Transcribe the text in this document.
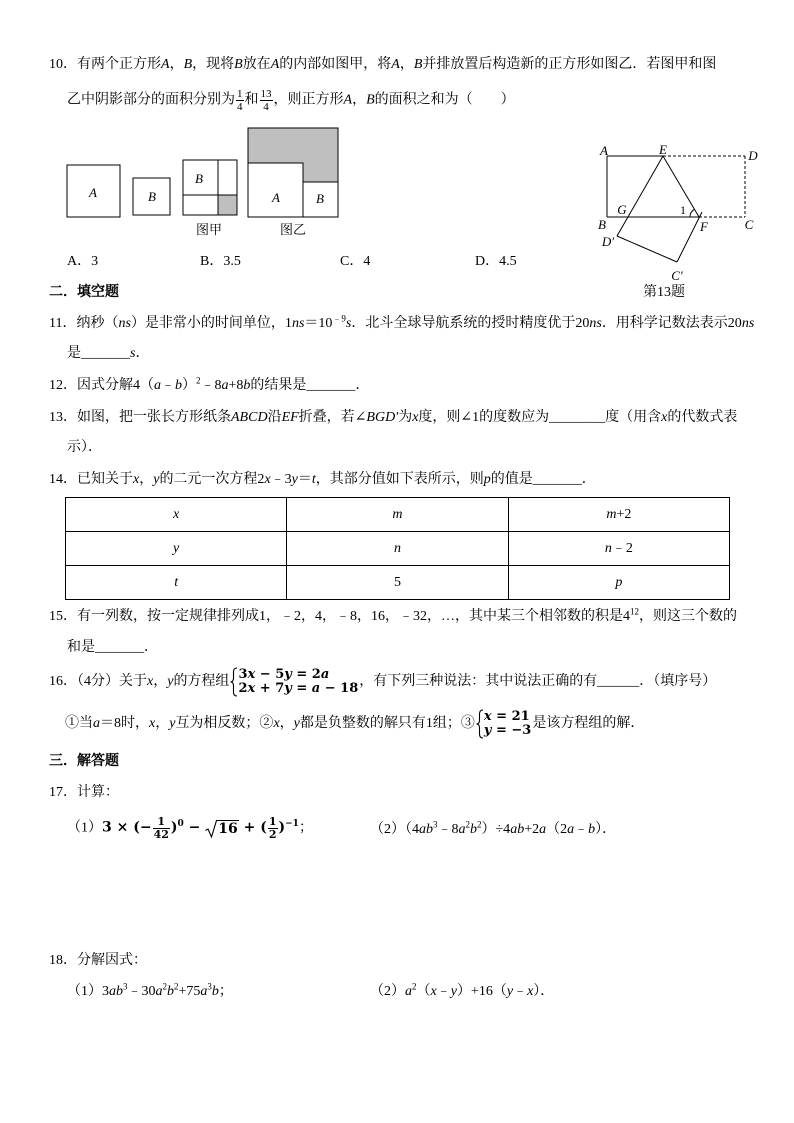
A	B
B
图甲
A	B
图乙
A	E	D
B
G	1
F	C
D′
C′
10．有两个正方形A，B，现将B放在A的内部如图甲，将A，B并排放置后构造新的正方形如图乙．若图甲和图
乙中阴影部分的面积分别为 $\frac{1}{4}$ 和 $\frac{13}{4}$ ，则正方形A，B的面积之和为（　　）
A．3	B．3.5	C．4	D．4.5
第13题
二．填空题
11．纳秒（ns）是非常小的时间单位，$1ns=10^{﹣9}s$．北斗全球导航系统的授时精度优于20ns．用科学记数法表示20ns
是_______s．
12．因式分解4（a﹣b）$^2$﹣8a+8b的结果是_______．
13．如图，把一张长方形纸条ABCD沿EF折叠，若∠BGD'为x度，则∠1的度数应为________度（用含x的代数式表
示）．
14．已知关于x，y的二元一次方程2x﹣3y＝t，其部分值如下表所示，则p的值是_______．
x	m	m+2
y	n	n﹣2
t	5	p
15．有一列数，按一定规律排列成1，﹣2，4，﹣8，16，﹣32，…，其中某三个相邻数的积是$4^{12}$，则这三个数的
和是_______．
16．（4分）关于x，y的方程组 3x − 5y = 2a
2x + 7y = a − 18 ，有下列三种说法：其中说法正确的有______．（填序号）
①当a＝8时，x，y互为相反数；②x，y都是负整数的解只有1组；③ x = 21
y = −3 是该方程组的解．
三．解答题
17．计算：
（1）3 × (− $\frac{1}{42} )^0 - 16$ + ( $\frac{1}{2} )^{-1}$；	$(2)(4ab^3﹣8a^2b^2)\div 4ab+2a(2a﹣b)$．
18．分解因式：
$(1)3ab^3﹣30a^2b^2+75a^3b$；	$(2)a^2(x﹣y)+16(y﹣x)$．
